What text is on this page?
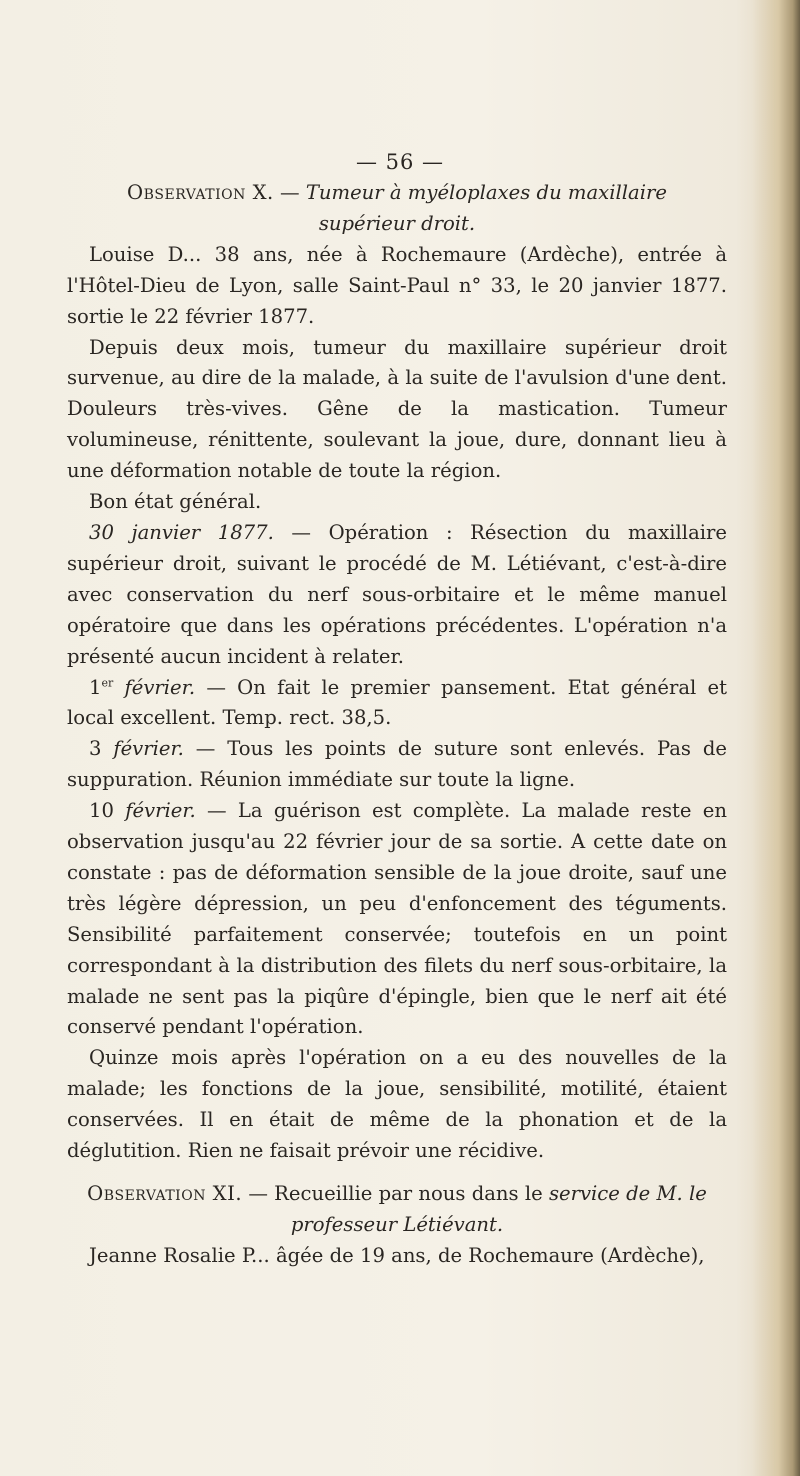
— 56 —

Observation X. — Tumeur à myéloplaxes du maxillaire
supérieur droit.

Louise D... 38 ans, née à Rochemaure (Ardèche), entrée à l'Hôtel-Dieu de Lyon, salle Saint-Paul n° 33, le 20 janvier 1877. sortie le 22 février 1877.

Depuis deux mois, tumeur du maxillaire supérieur droit survenue, au dire de la malade, à la suite de l'avulsion d'une dent. Douleurs très-vives. Gêne de la mastication. Tumeur volumineuse, rénittente, soulevant la joue, dure, donnant lieu à une déformation notable de toute la région.

Bon état général.

30 janvier 1877. — Opération : Résection du maxillaire supérieur droit, suivant le procédé de M. Létiévant, c'est-à-dire avec conservation du nerf sous-orbitaire et le même manuel opératoire que dans les opérations précédentes. L'opération n'a présenté aucun incident à relater.

1er février. — On fait le premier pansement. Etat général et local excellent. Temp. rect. 38,5.

3 février. — Tous les points de suture sont enlevés. Pas de suppuration. Réunion immédiate sur toute la ligne.

10 février. — La guérison est complète. La malade reste en observation jusqu'au 22 février jour de sa sortie. A cette date on constate : pas de déformation sensible de la joue droite, sauf une très légère dépression, un peu d'enfoncement des téguments. Sensibilité parfaitement conservée; toutefois en un point correspondant à la distribution des filets du nerf sous-orbitaire, la malade ne sent pas la piqûre d'épingle, bien que le nerf ait été conservé pendant l'opération.

Quinze mois après l'opération on a eu des nouvelles de la malade; les fonctions de la joue, sensibilité, motilité, étaient conservées. Il en était de même de la phonation et de la déglutition. Rien ne faisait prévoir une récidive.

Observation XI. — Recueillie par nous dans le service de M. le
professeur Létiévant.

Jeanne Rosalie P... âgée de 19 ans, de Rochemaure (Ardèche),
